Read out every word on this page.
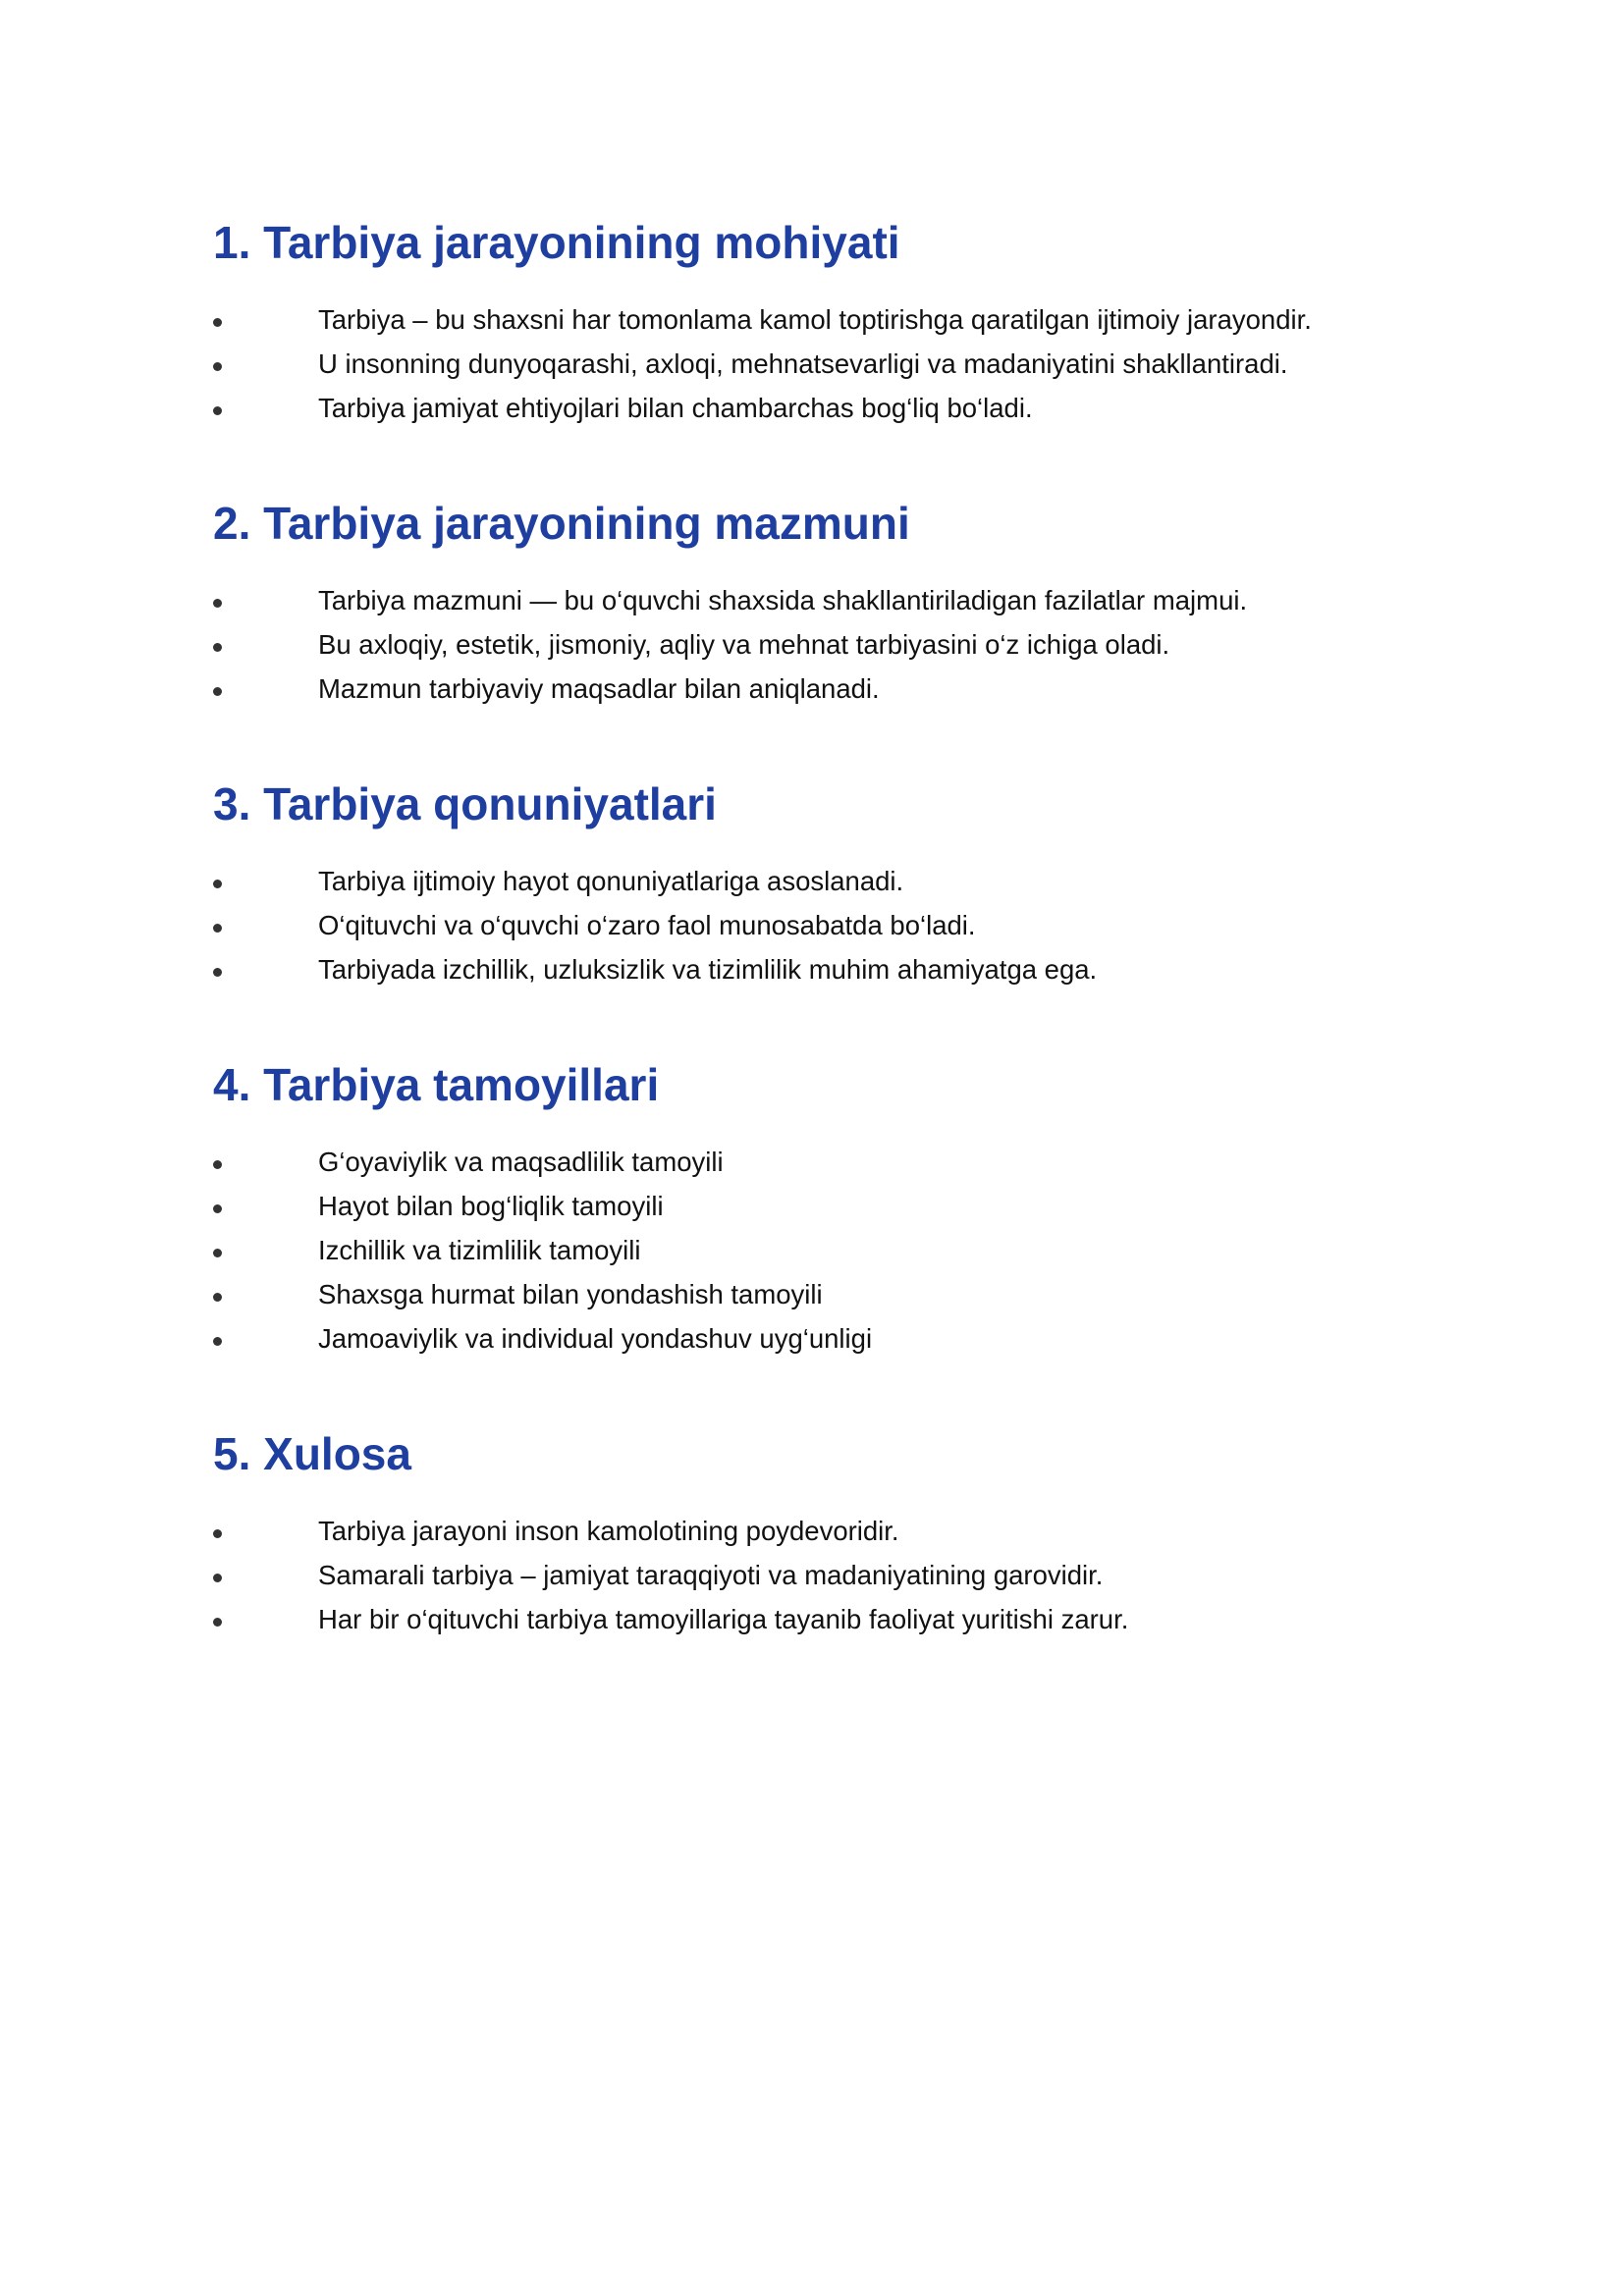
1. Tarbiya jarayonining mohiyati
Tarbiya – bu shaxsni har tomonlama kamol toptirishga qaratilgan ijtimoiy jarayondir.
U insonning dunyoqarashi, axloqi, mehnatsevarligi va madaniyatini shakllantiradi.
Tarbiya jamiyat ehtiyojlari bilan chambarchas bog‘liq bo‘ladi.
2. Tarbiya jarayonining mazmuni
Tarbiya mazmuni — bu o‘quvchi shaxsida shakllantiriladigan fazilatlar majmui.
Bu axloqiy, estetik, jismoniy, aqliy va mehnat tarbiyasini o‘z ichiga oladi.
Mazmun tarbiyaviy maqsadlar bilan aniqlanadi.
3. Tarbiya qonuniyatlari
Tarbiya ijtimoiy hayot qonuniyatlariga asoslanadi.
O‘qituvchi va o‘quvchi o‘zaro faol munosabatda bo‘ladi.
Tarbiyada izchillik, uzluksizlik va tizimlilik muhim ahamiyatga ega.
4. Tarbiya tamoyillari
G‘oyaviylik va maqsadlilik tamoyili
Hayot bilan bog‘liqlik tamoyili
Izchillik va tizimlilik tamoyili
Shaxsga hurmat bilan yondashish tamoyili
Jamoaviylik va individual yondashuv uyg‘unligi
5. Xulosa
Tarbiya jarayoni inson kamolotining poydevoridir.
Samarali tarbiya – jamiyat taraqqiyoti va madaniyatining garovidir.
Har bir o‘qituvchi tarbiya tamoyillariga tayanib faoliyat yuritishi zarur.
